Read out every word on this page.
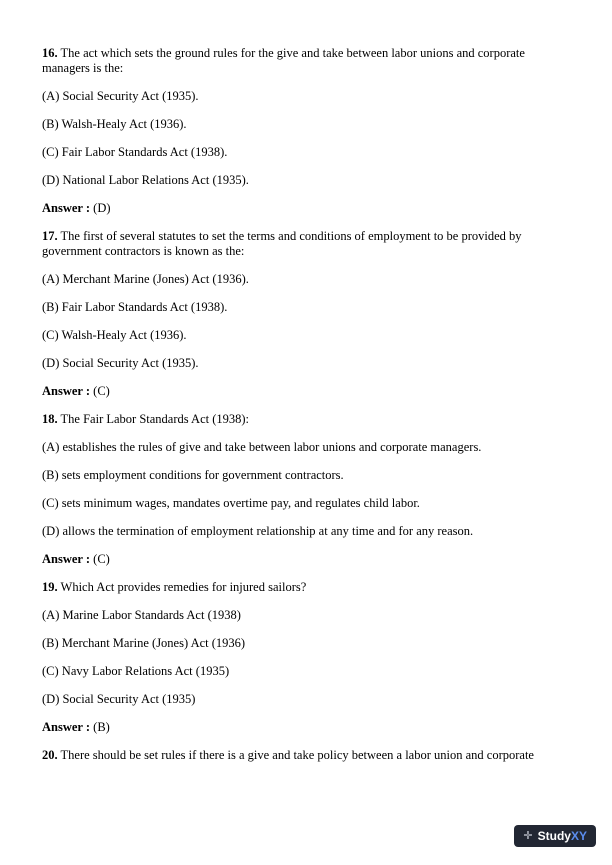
16. The act which sets the ground rules for the give and take between labor unions and corporate managers is the:

(A) Social Security Act (1935).

(B) Walsh-Healy Act (1936).

(C) Fair Labor Standards Act (1938).

(D) National Labor Relations Act (1935).

Answer : (D)

17. The first of several statutes to set the terms and conditions of employment to be provided by government contractors is known as the:

(A) Merchant Marine (Jones) Act (1936).

(B) Fair Labor Standards Act (1938).

(C) Walsh-Healy Act (1936).

(D) Social Security Act (1935).

Answer : (C)

18. The Fair Labor Standards Act (1938):

(A) establishes the rules of give and take between labor unions and corporate managers.

(B) sets employment conditions for government contractors.

(C) sets minimum wages, mandates overtime pay, and regulates child labor.

(D) allows the termination of employment relationship at any time and for any reason.

Answer : (C)

19. Which Act provides remedies for injured sailors?

(A) Marine Labor Standards Act (1938)

(B) Merchant Marine (Jones) Act (1936)

(C) Navy Labor Relations Act (1935)

(D) Social Security Act (1935)

Answer : (B)

20. There should be set rules if there is a give and take policy between a labor union and corporate

✛ Study XY
